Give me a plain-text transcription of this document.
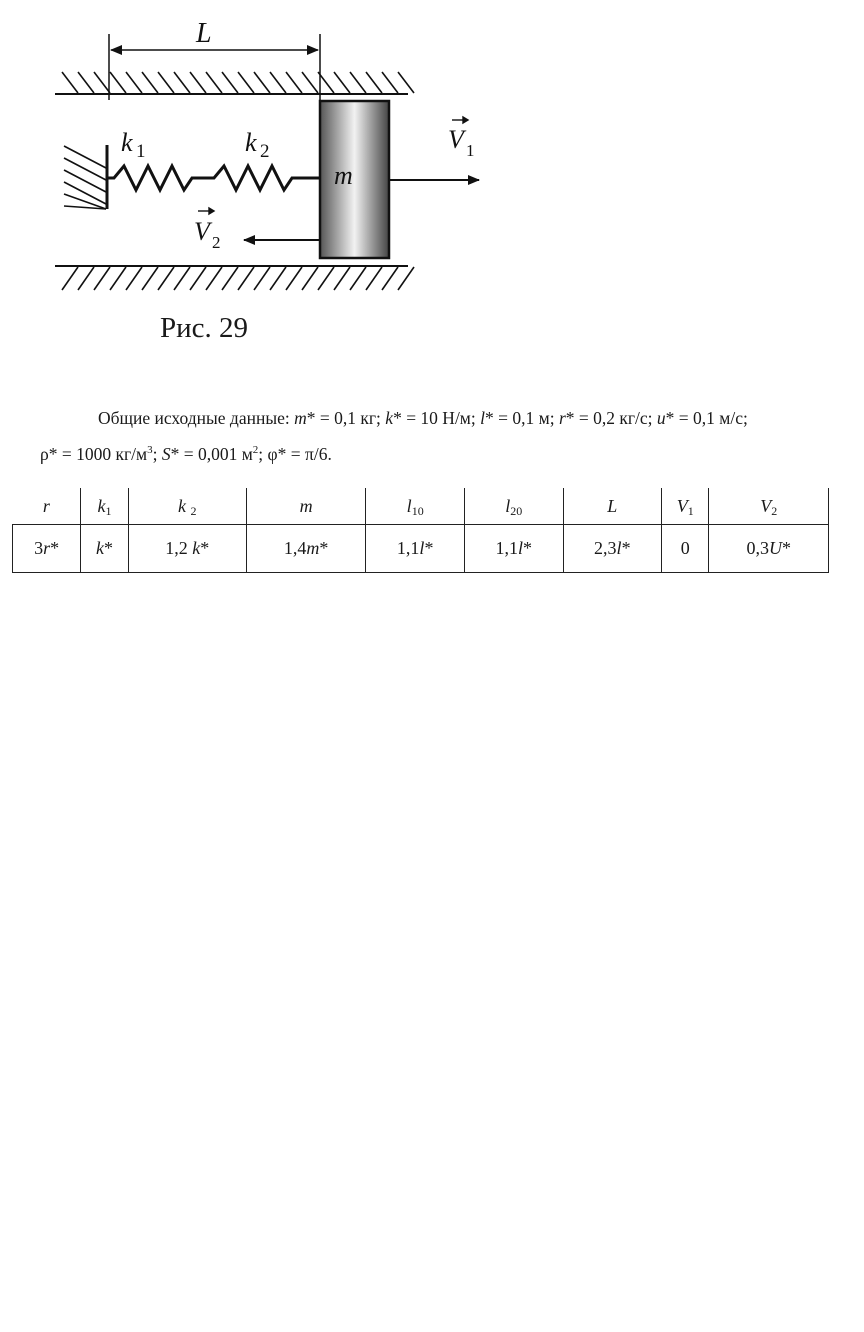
L
k 1	k 2
m
V 1
V 2
Рис. 29
Общие исходные данные: m* = 0,1 кг; k* = 10 Н/м; l* = 0,1 м; r* = 0,2 кг/с; u* = 0,1 м/с;
ρ* = 1000 $кг/м^3$; S* = 0,001 $м^2$; φ* = π/6.
r	$k_1$	k $_2$	m	$l_{10}$	$l_{20}$	L	$V_1$	$V_2$
3r*	k*	1,2 k*	1,4m*	1,1l*	1,1l*	2,3l*	0	0,3U*
